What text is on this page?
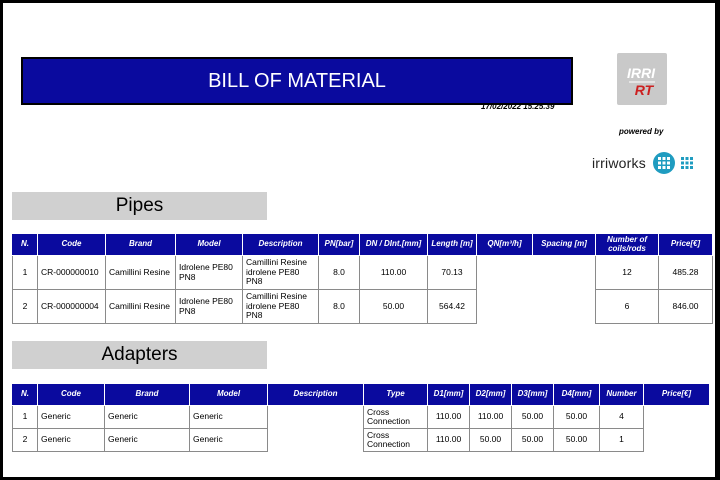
BILL OF MATERIAL
17/02/2022 15.25.39
IRRI
RT
powered by
irriworks
Pipes
N.	Code	Brand	Model	Description	PN[bar]	DN / DInt.[mm]	Length [m]	QN[m³/h]	Spacing [m]	Number of coils/rods	Price[€]
1	CR-000000010	Camillini Resine	Idrolene PE80 PN8	Camillini Resine idrolene PE80 PN8	8.0	110.00	70.13			12	485.28
2	CR-000000004	Camillini Resine	Idrolene PE80 PN8	Camillini Resine idrolene PE80 PN8	8.0	50.00	564.42			6	846.00
Adapters
N.	Code	Brand	Model	Description	Type	D1[mm]	D2[mm]	D3[mm]	D4[mm]	Number	Price[€]
1	Generic	Generic	Generic		Cross Connection	110.00	110.00	50.00	50.00	4	
2	Generic	Generic	Generic		Cross Connection	110.00	50.00	50.00	50.00	1	
